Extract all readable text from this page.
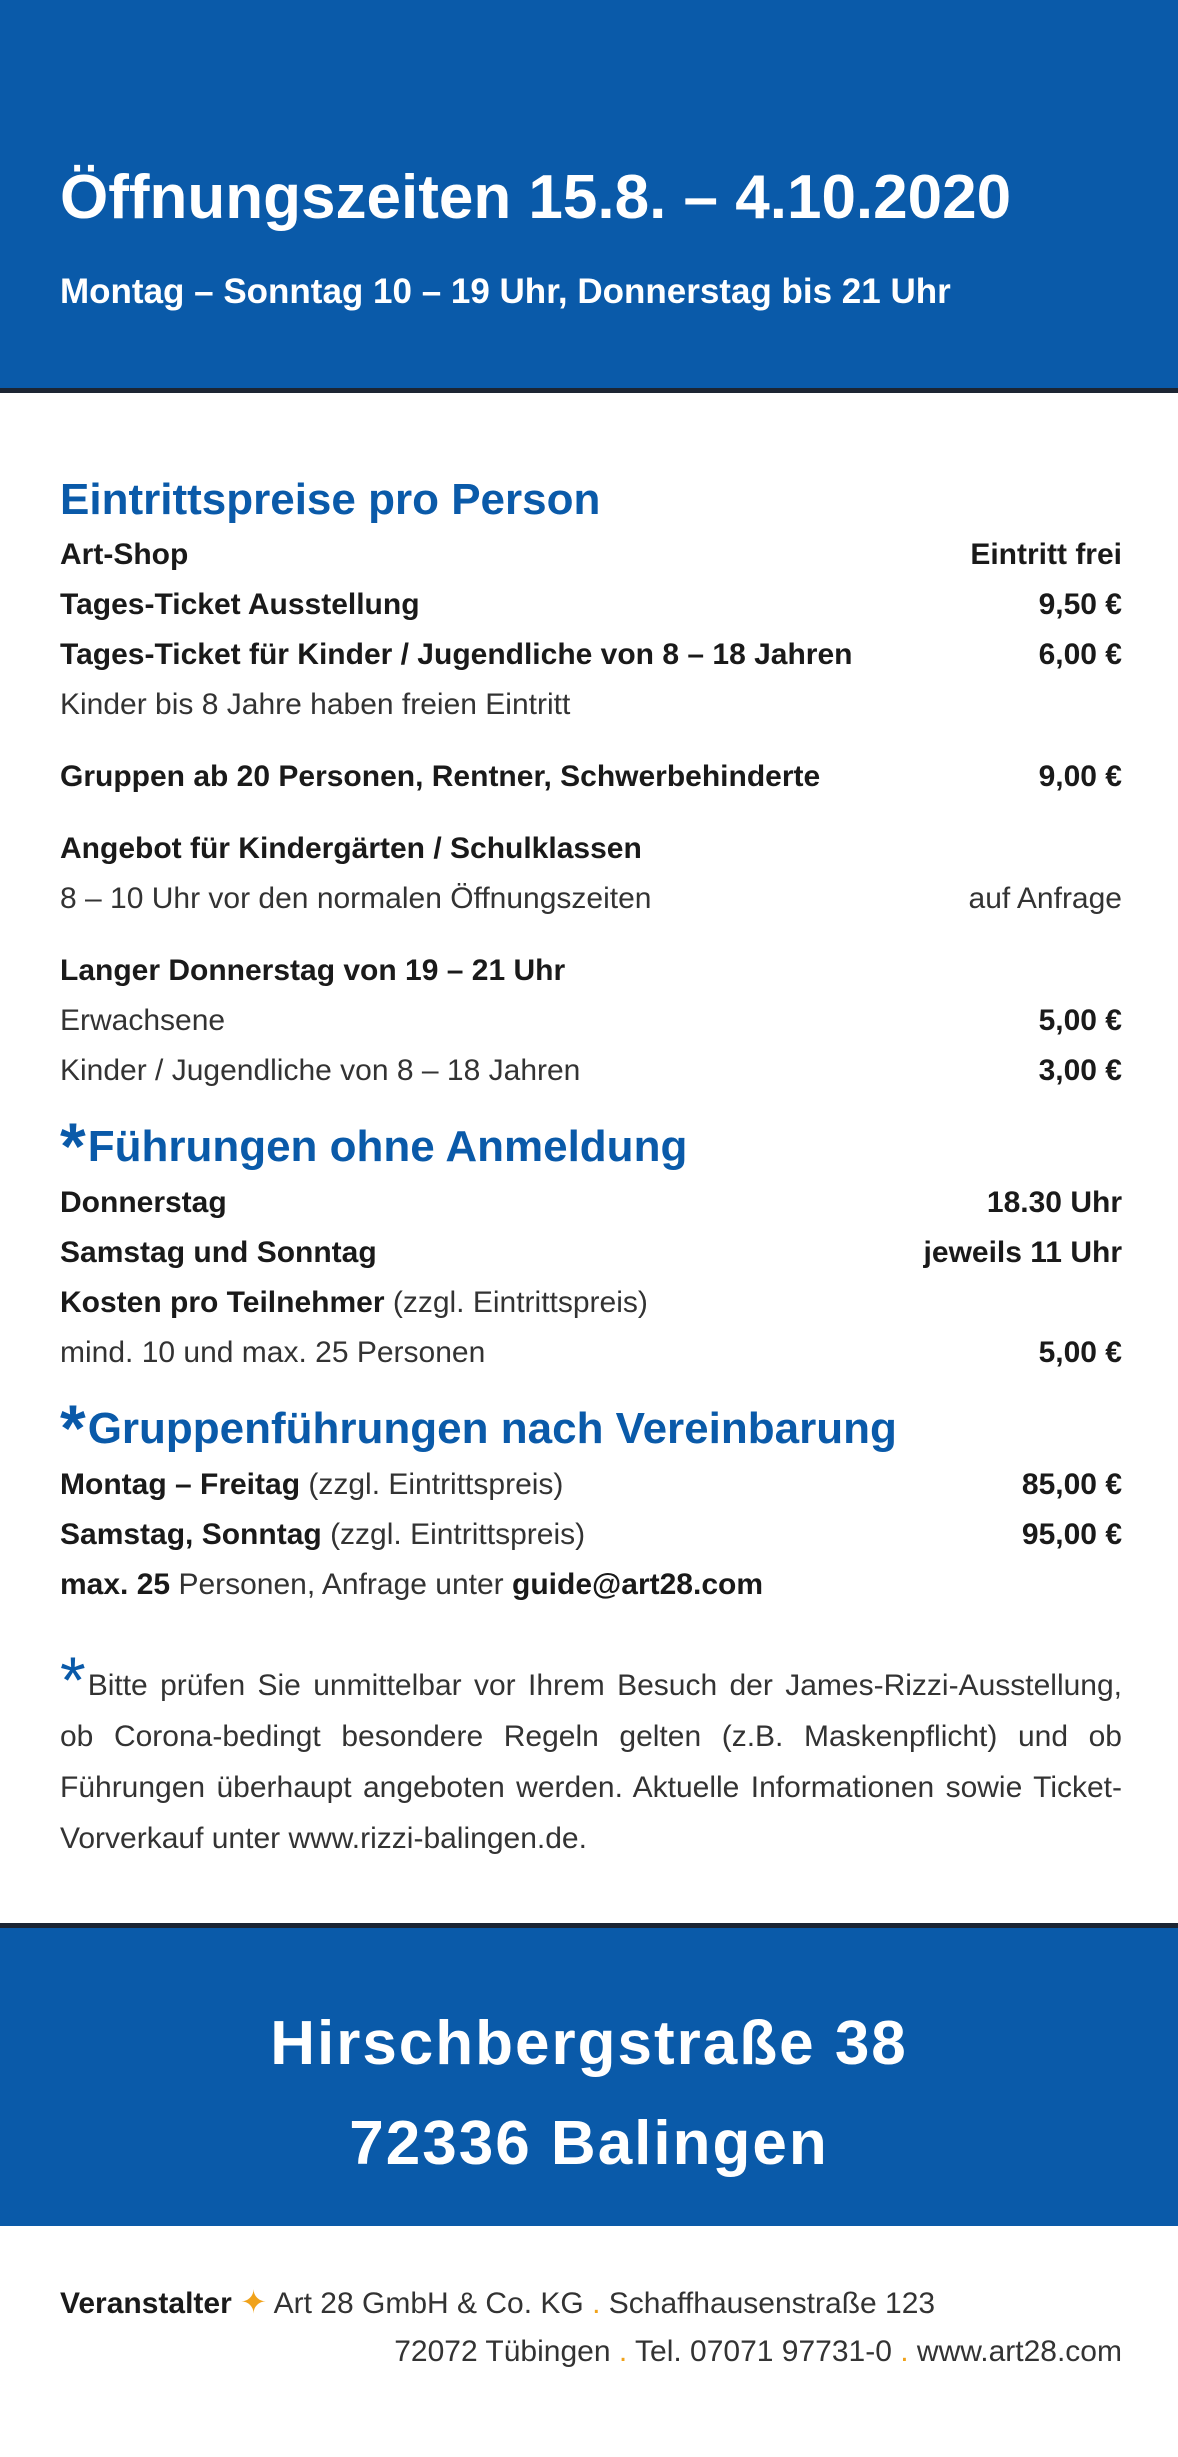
Öffnungszeiten 15.8. – 4.10.2020
Montag – Sonntag 10 – 19 Uhr, Donnerstag bis 21 Uhr
Eintrittspreise pro Person
Art-Shop	Eintritt frei
Tages-Ticket Ausstellung	9,50 €
Tages-Ticket für Kinder / Jugendliche von 8 – 18 Jahren	6,00 €
Kinder bis 8 Jahre haben freien Eintritt
Gruppen ab 20 Personen, Rentner, Schwerbehinderte	9,00 €
Angebot für Kindergärten / Schulklassen
8 – 10 Uhr vor den normalen Öffnungszeiten	auf Anfrage
Langer Donnerstag von 19 – 21 Uhr
Erwachsene	5,00 €
Kinder / Jugendliche von 8 – 18 Jahren	3,00 €
*Führungen ohne Anmeldung
Donnerstag	18.30 Uhr
Samstag und Sonntag	jeweils 11 Uhr
Kosten pro Teilnehmer (zzgl. Eintrittspreis)
mind. 10 und max. 25 Personen	5,00 €
*Gruppenführungen nach Vereinbarung
Montag – Freitag (zzgl. Eintrittspreis)	85,00 €
Samstag, Sonntag (zzgl. Eintrittspreis)	95,00 €
max. 25 Personen, Anfrage unter guide@art28.com
*Bitte prüfen Sie unmittelbar vor Ihrem Besuch der James-Rizzi-Ausstellung, ob Corona-bedingt besondere Regeln gelten (z.B. Maskenpflicht) und ob Führungen überhaupt angeboten werden. Aktuelle Informationen sowie Ticket-Vorverkauf unter www.rizzi-balingen.de.
Hirschbergstraße 38
72336 Balingen
Veranstalter ✦ Art 28 GmbH & Co. KG . Schaffhausenstraße 123
72072 Tübingen . Tel. 07071 97731-0 . www.art28.com
